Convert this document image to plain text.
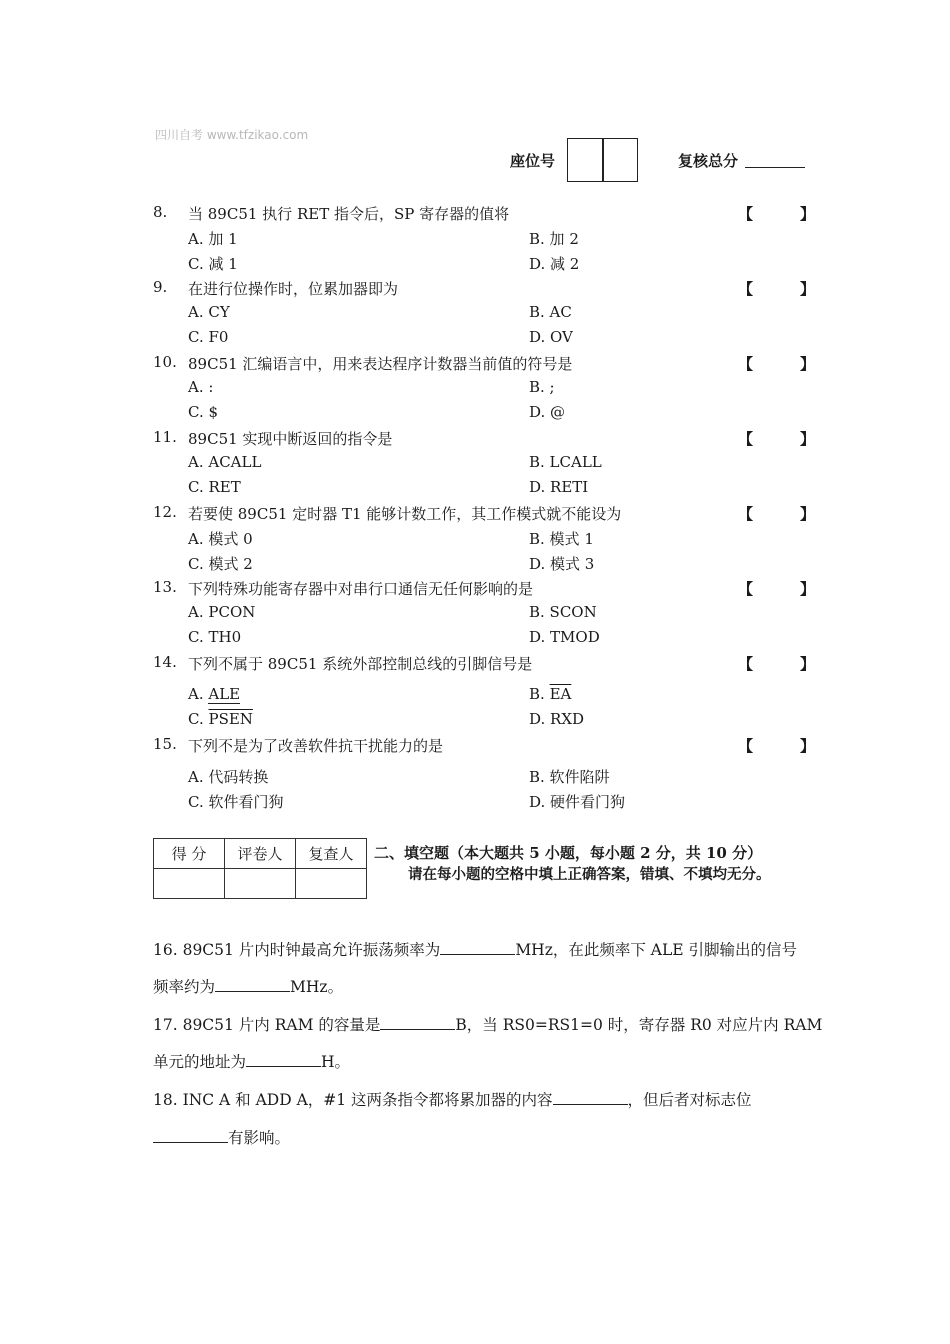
四川自考 www.tfzikao.com
座位号	复核总分
8. 当 89C51 执行 RET 指令后，SP 寄存器的值将	【	】
A. 加 1	B. 加 2
C. 减 1	D. 减 2
9. 在进行位操作时，位累加器即为	【	】
A. CY	B. AC
C. F0	D. OV
10. 89C51 汇编语言中，用来表达程序计数器当前值的符号是	【	】
A. :	B. ;
C. $	D. @
11. 89C51 实现中断返回的指令是	【	】
A. ACALL	B. LCALL
C. RET	D. RETI
12. 若要使 89C51 定时器 T1 能够计数工作，其工作模式就不能设为	【	】
A. 模式 0	B. 模式 1
C. 模式 2	D. 模式 3
13. 下列特殊功能寄存器中对串行口通信无任何影响的是	【	】
A. PCON	B. SCON
C. TH0	D. TMOD
14. 下列不属于 89C51 系统外部控制总线的引脚信号是	【	】
A. ALE	B. $\overline{EA}$
C. PSEN	D. RXD
15. 下列不是为了改善软件抗干扰能力的是	【	】
A. 代码转换	B. 软件陷阱
C. 软件看门狗	D. 硬件看门狗
得 分	评卷人	复查人
		二、填空题（本大题共 5 小题，每小题 2 分，共 10 分）
请在每小题的空格中填上正确答案，错填、不填均无分。
16. 89C51 片内时钟最高允许振荡频率为	MHz，在此频率下 ALE 引脚输出的信号
频率约为	MHz。
17. 89C51 片内 RAM 的容量是	B，当 RS0=RS1=0 时，寄存器 R0 对应片内 RAM
单元的地址为	H。
18. INC A 和 ADD A，#1 这两条指令都将累加器的内容	，但后者对标志位
有影响。
